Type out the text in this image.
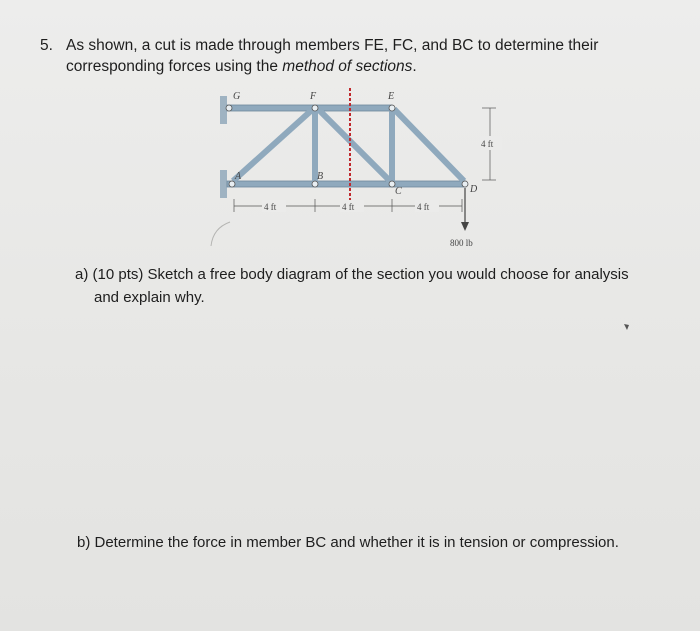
5. As shown, a cut is made through members FE, FC, and BC to determine their
corresponding forces using the method of sections.
G	F	E
A	B
C	D
4 ft	4 ft	4 ft
4 ft
800 lb
a) (10 pts) Sketch a free body diagram of the section you would choose for analysis
and explain why.
b) Determine the force in member BC and whether it is in tension or compression.
